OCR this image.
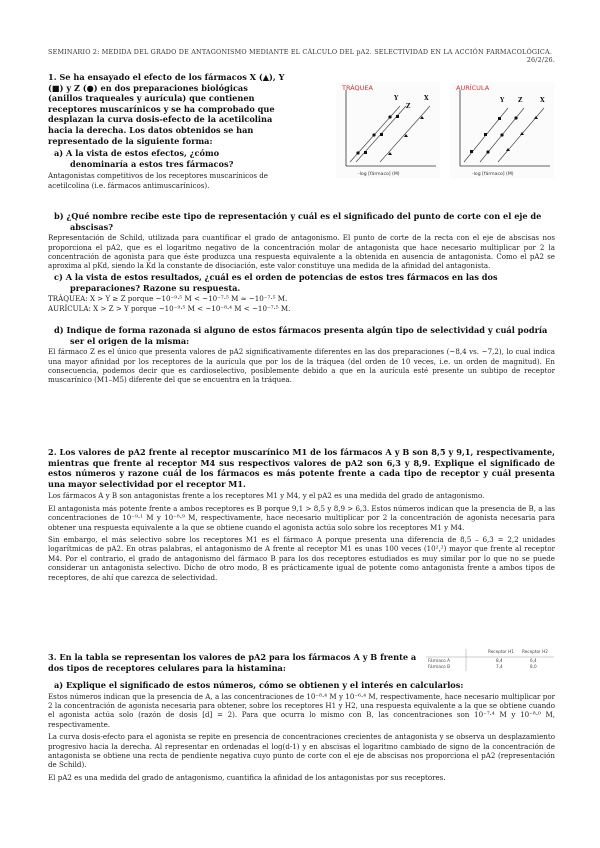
SEMINARIO 2: MEDIDA DEL GRADO DE ANTAGONISMO MEDIANTE EL CÁLCULO DEL pA2. SELECTIVIDAD EN LA ACCIÓN FARMACOLÓGICA.
26/2/26.
1. Se ha ensayado el efecto de los fármacos X (▲), Y
(■) y Z (●) en dos preparaciones biológicas
(anillos traqueales y aurícula) que contienen
receptores muscarínicos y se ha comprobado que
desplazan la curva dosis-efecto de la acetilcolina
hacia la derecha. Los datos obtenidos se han
representado de la siguiente forma:
a) A la vista de estos efectos, ¿cómo
denominaría a estos tres fármacos?
Antagonistas competitivos de los receptores muscarínicos de acetilcolina (i.e. fármacos antimuscarínicos).
TRÁQUEA
Y	X
Z
-log [fármaco] (M)
AURÍCULA
Y Z	X
-log [fármaco] (M)
b) ¿Qué nombre recibe este tipo de representación y cuál es el significado del punto de corte con el eje de abscisas?

Representación de Schild, utilizada para cuantificar el grado de antagonismo. El punto de corte de la recta con el eje de abscisas nos proporciona el pA2, que es el logaritmo negativo de la concentración molar de antagonista que hace necesario multiplicar por 2 la concentración de agonista para que éste produzca una respuesta equivalente a la obtenida en ausencia de antagonista. Como el pA2 se aproxima al pKd, siendo la Kd la constante de disociación, este valor constituye una medida de la afinidad del antagonista.

c) A la vista de estos resultados, ¿cuál es el orden de potencias de estos tres fármacos en las dos preparaciones? Razone su respuesta.
TRÁQUEA: X > Y ≥ Z porque ~10⁻⁹·⁵ M < ~10⁻⁷·⁵ M ≈ ~10⁻⁷·⁵ M.
AURÍCULA: X > Z > Y porque ~10⁻⁹·⁵ M < ~10⁻⁸·⁴ M < ~10⁻⁷·⁵ M.
d) Indique de forma razonada si alguno de estos fármacos presenta algún tipo de selectividad y cuál podría ser el origen de la misma:

El fármaco Z es el único que presenta valores de pA2 significativamente diferentes en las dos preparaciones (~8,4 vs. ~7,2), lo cual indica una mayor afinidad por los receptores de la aurícula que por los de la tráquea (del orden de 10 veces, i.e. un orden de magnitud). En consecuencia, podemos decir que es cardioselectivo, posiblemente debido a que en la aurícula esté presente un subtipo de receptor muscarínico (M1–M5) diferente del que se encuentra en la tráquea.

2. Los valores de pA2 frente al receptor muscarínico M1 de los fármacos A y B son 8,5 y 9,1, respectivamente, mientras que frente al receptor M4 sus respectivos valores de pA2 son 6,3 y 8,9. Explique el significado de estos números y razone cuál de los fármacos es más potente frente a cada tipo de receptor y cuál presenta una mayor selectividad por el receptor M1.

Los fármacos A y B son antagonistas frente a los receptores M1 y M4, y el pA2 es una medida del grado de antagonismo.

El antagonista más potente frente a ambos receptores es B porque 9,1 > 8,5 y 8,9 > 6,3. Estos números indican que la presencia de B, a las concentraciones de 10⁻⁹·¹ M y 10⁻⁸·⁹ M, respectivamente, hace necesario multiplicar por 2 la concentración de agonista necesaria para obtener una respuesta equivalente a la que se obtiene cuando el agonista actúa solo sobre los receptores M1 y M4.

Sin embargo, el más selectivo sobre los receptores M1 es el fármaco A porque presenta una diferencia de 8,5 – 6,3 = 2,2 unidades logarítmicas de pA2. En otras palabras, el antagonismo de A frente al receptor M1 es unas 100 veces (10²,²) mayor que frente al receptor M4. Por el contrario, el grado de antagonismo del fármaco B para los dos receptores estudiados es muy similar por lo que no se puede considerar un antagonista selectivo. Dicho de otro modo, B es prácticamente igual de potente como antagonista frente a ambos tipos de receptores, de ahí que carezca de selectividad.

3. En la tabla se representan los valores de pA2 para los fármacos A y B frente a dos tipos de receptores celulares para la histamina:
Receptor H1 Receptor H2
Fármaco A	8,4	6,4
Fármaco B	7,4	8,0
a) Explique el significado de estos números, cómo se obtienen y el interés en calcularlos:

Estos números indican que la presencia de A, a las concentraciones de 10⁻⁸·⁴ M y 10⁻⁶·⁴ M, respectivamente, hace necesario multiplicar por 2 la concentración de agonista necesaria para obtener, sobre los receptores H1 y H2, una respuesta equivalente a la que se obtiene cuando el agonista actúa solo (razón de dosis [d] = 2). Para que ocurra lo mismo con B, las concentraciones son 10⁻⁷·⁴ M y 10⁻⁸·⁰ M, respectivamente.

La curva dosis-efecto para el agonista se repite en presencia de concentraciones crecientes de antagonista y se observa un desplazamiento progresivo hacia la derecha. Al representar en ordenadas el log(d-1) y en abscisas el logaritmo cambiado de signo de la concentración de antagonista se obtiene una recta de pendiente negativa cuyo punto de corte con el eje de abscisas nos proporciona el pA2 (representación de Schild).

El pA2 es una medida del grado de antagonismo, cuantifica la afinidad de los antagonistas por sus receptores.
